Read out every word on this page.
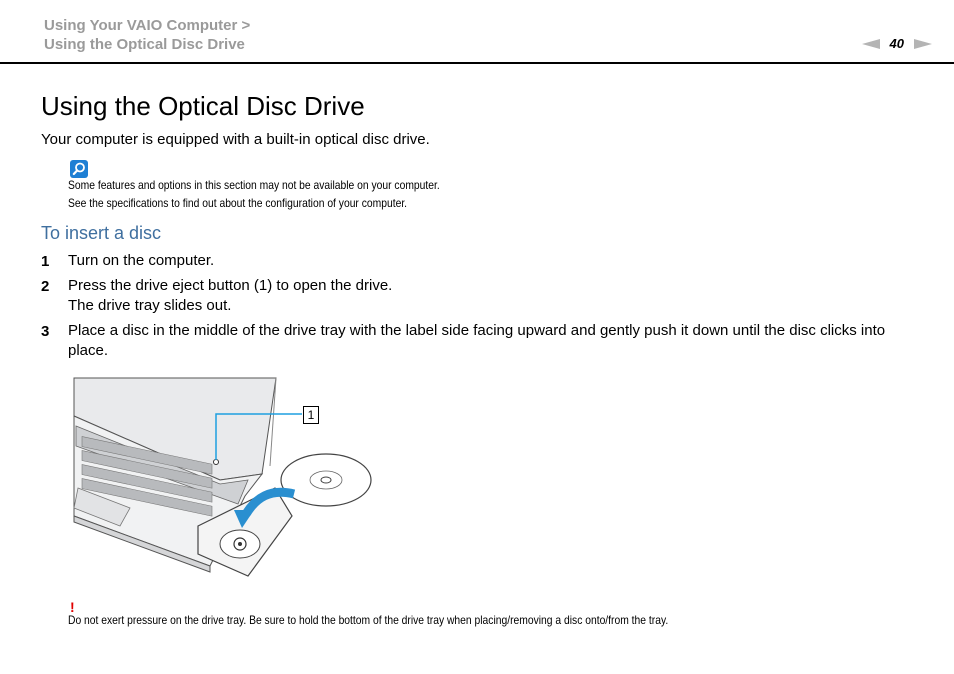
Using Your VAIO Computer >
Using the Optical Disc Drive	40
Using the Optical Disc Drive
Your computer is equipped with a built-in optical disc drive.
Some features and options in this section may not be available on your computer.
See the specifications to find out about the configuration of your computer.
To insert a disc
1 Turn on the computer.
2 Press the drive eject button (1) to open the drive.
The drive tray slides out.
3 Place a disc in the middle of the drive tray with the label side facing upward and gently push it down until the disc clicks into place.
1
!
Do not exert pressure on the drive tray. Be sure to hold the bottom of the drive tray when placing/removing a disc onto/from the tray.
